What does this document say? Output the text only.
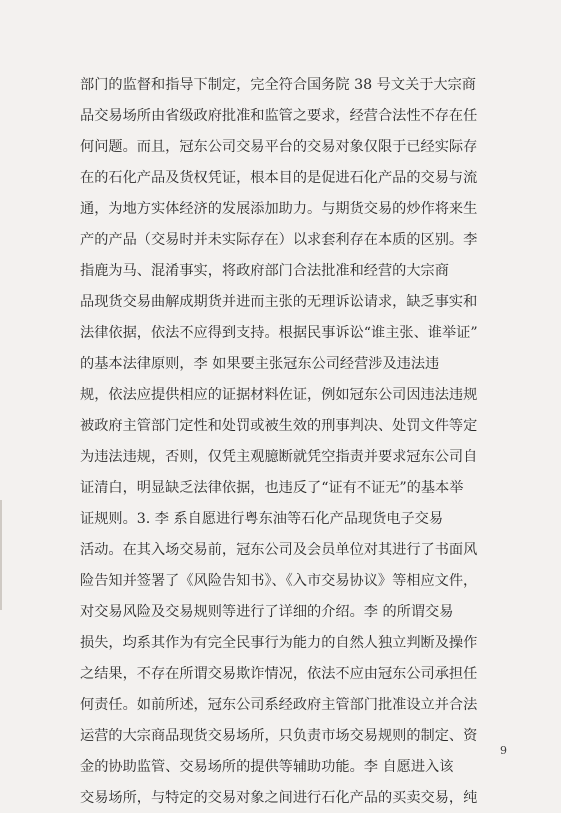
部门的监督和指导下制定，完全符合国务院 38 号文关于大宗商
品交易场所由省级政府批准和监管之要求，经营合法性不存在任
何问题。而且，冠东公司交易平台的交易对象仅限于已经实际存
在的石化产品及货权凭证，根本目的是促进石化产品的交易与流
通，为地方实体经济的发展添加助力。与期货交易的炒作将来生
产的产品（交易时并未实际存在）以求套利存在本质的区别。李
指鹿为马、混淆事实，将政府部门合法批准和经营的大宗商
品现货交易曲解成期货并进而主张的无理诉讼请求，缺乏事实和
法律依据，依法不应得到支持。根据民事诉讼“谁主张、谁举证”
的基本法律原则，李 如果要主张冠东公司经营涉及违法违
规，依法应提供相应的证据材料佐证，例如冠东公司因违法违规
被政府主管部门定性和处罚或被生效的刑事判决、处罚文件等定
为违法违规，否则，仅凭主观臆断就凭空指责并要求冠东公司自
证清白，明显缺乏法律依据，也违反了“证有不证无”的基本举
证规则。3. 李 系自愿进行粤东油等石化产品现货电子交易
活动。在其入场交易前，冠东公司及会员单位对其进行了书面风
险告知并签署了《风险告知书》、《入市交易协议》等相应文件，
对交易风险及交易规则等进行了详细的介绍。李 的所谓交易
损失，均系其作为有完全民事行为能力的自然人独立判断及操作
之结果，不存在所谓交易欺诈情况，依法不应由冠东公司承担任
何责任。如前所述，冠东公司系经政府主管部门批准设立并合法
运营的大宗商品现货交易场所，只负责市场交易规则的制定、资
金的协助监管、交易场所的提供等辅助功能。李 自愿进入该
交易场所，与特定的交易对象之间进行石化产品的买卖交易，纯
9
